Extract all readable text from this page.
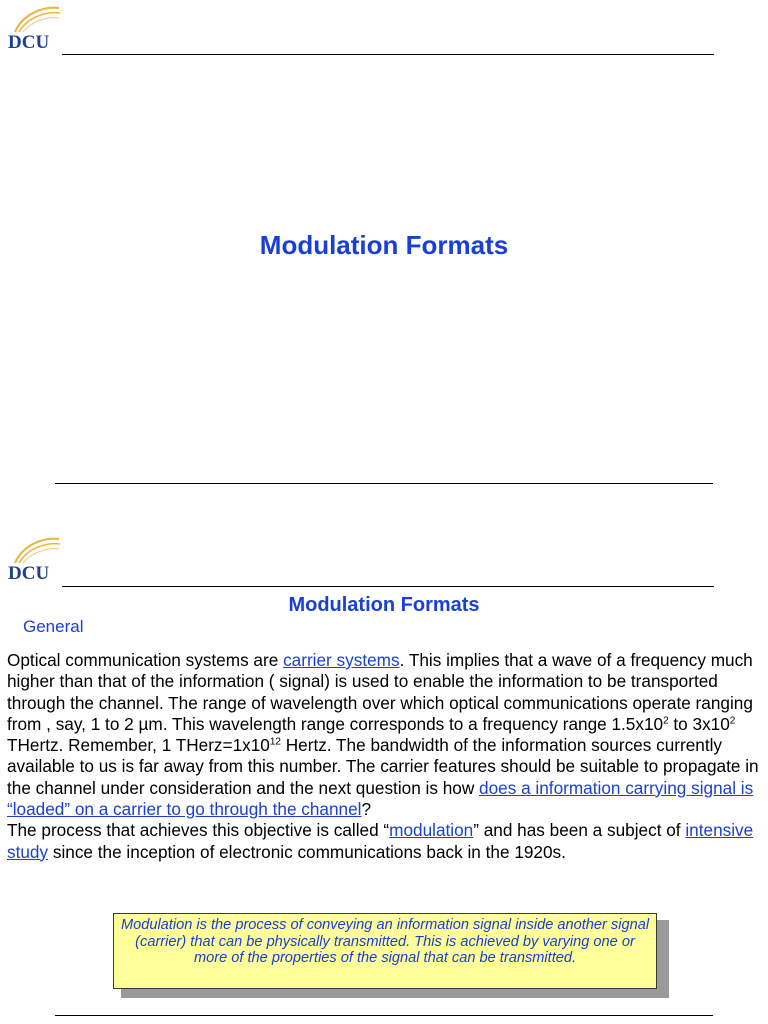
DCU
Modulation Formats
DCU
Modulation Formats
General
Optical communication systems are carrier systems. This implies that a wave of a frequency much higher than that of the information ( signal) is used to enable the information to be transported through the channel. The range of wavelength over which optical communications operate ranging from , say, 1 to 2 µm. This wavelength range corresponds to a frequency range $1.5x10^2$ to $3x10^2$ THertz. Remember, 1 $THerz=1x10^{12}$ Hertz. The bandwidth of the information sources currently available to us is far away from this number. The carrier features should be suitable to propagate in the channel under consideration and the next question is how does a information carrying signal is “loaded” on a carrier to go through the channel?
The process that achieves this objective is called “modulation” and has been a subject of intensive study since the inception of electronic communications back in the 1920s.
Modulation is the process of conveying an information signal inside another signal (carrier) that can be physically transmitted. This is achieved by varying one or more of the properties of the signal that can be transmitted.
